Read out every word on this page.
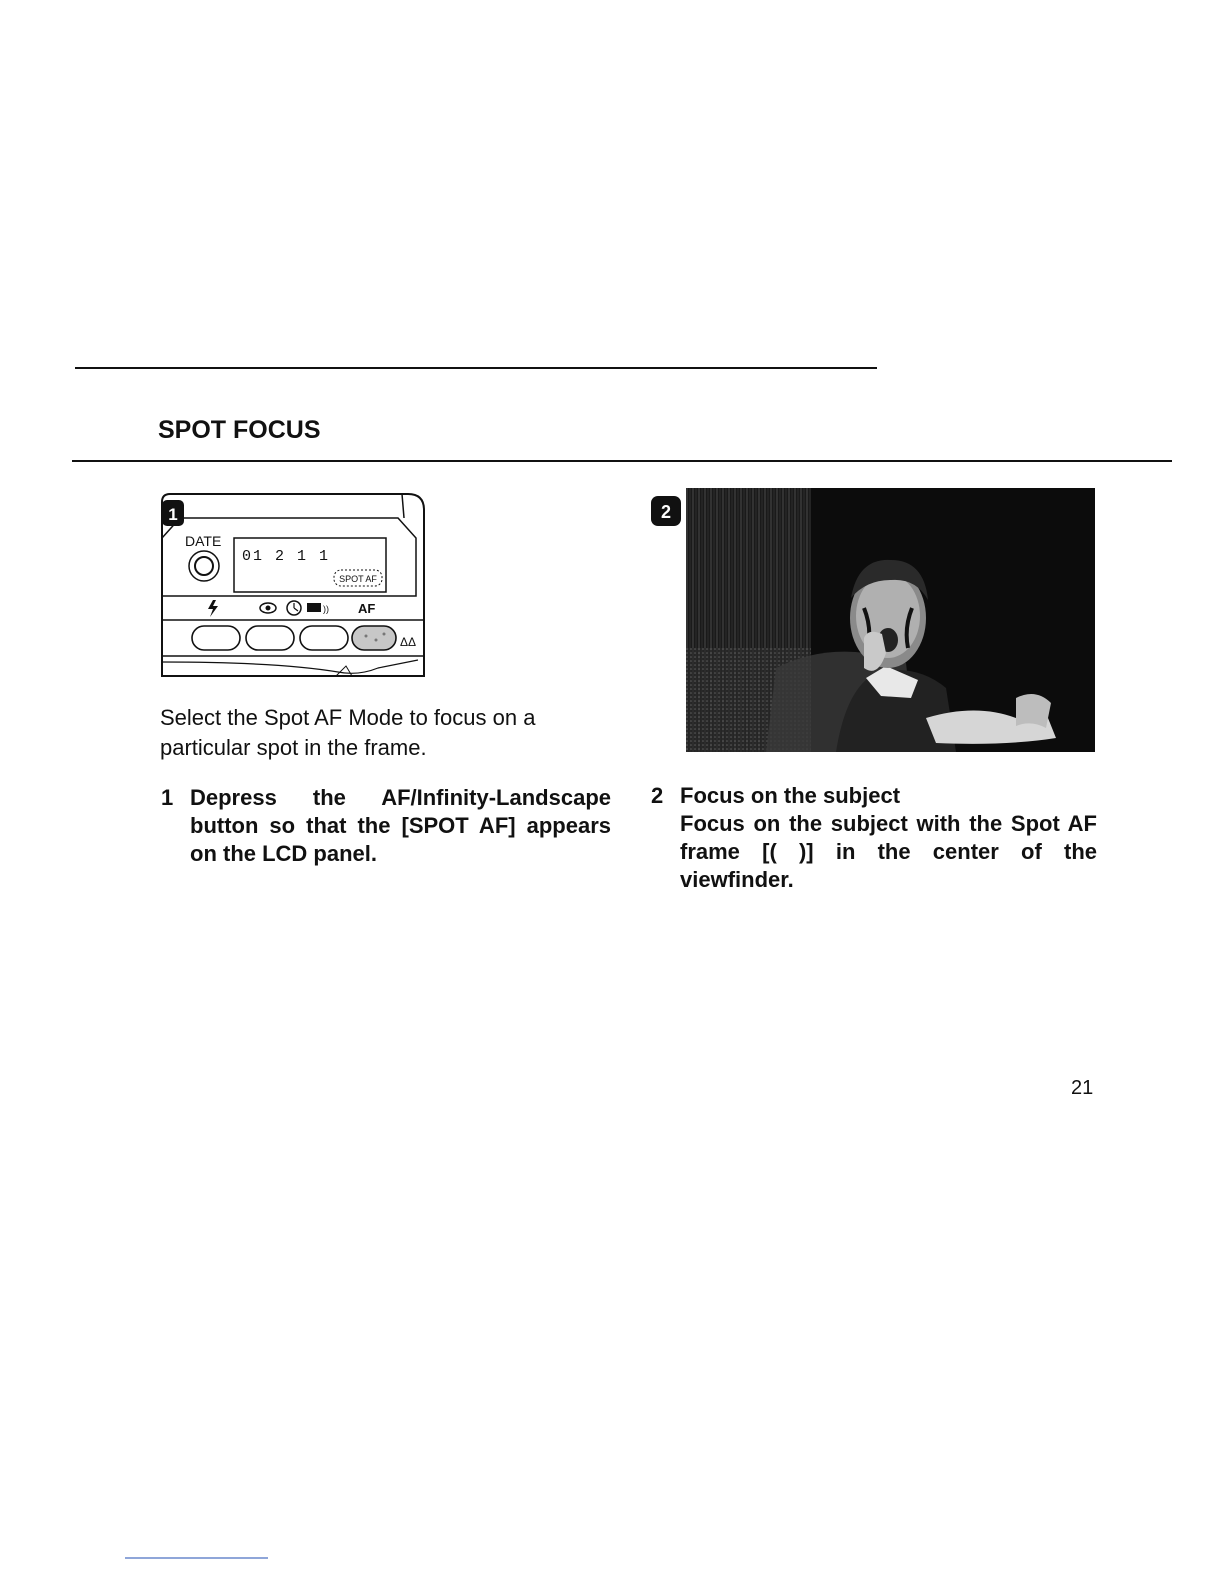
SPOT FOCUS
1
DATE
01 2 1 1
SPOT AF
)) AF
ΔΔ
2
Select the Spot AF Mode to focus on a particular spot in the frame.
1 Depress the AF/Infinity-Landscape button so that the [SPOT AF] appears on the LCD panel.
2 Focus on the subject

Focus on the subject with the Spot AF frame [( )] in the center of the viewfinder.
21
